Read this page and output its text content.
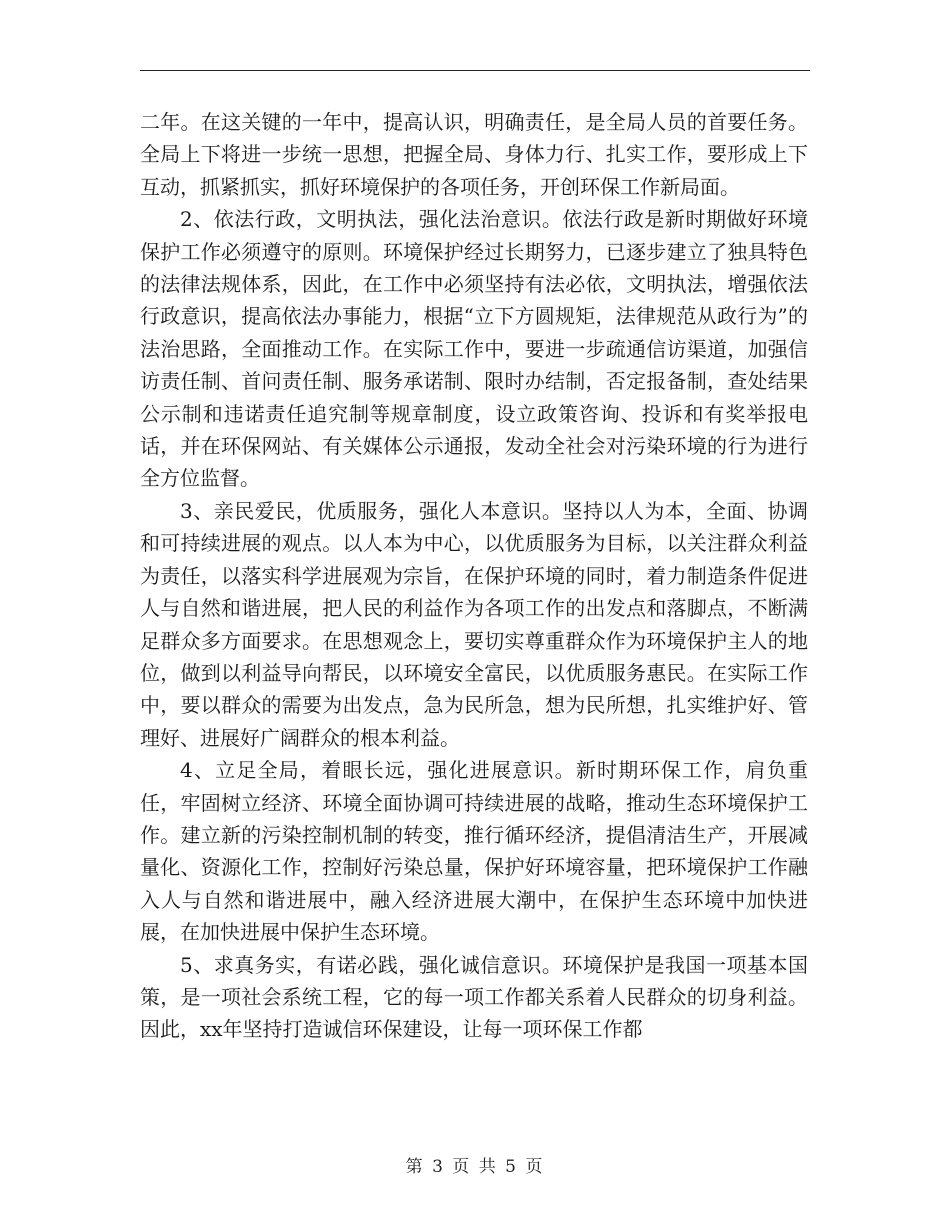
二年。在这关键的一年中，提高认识，明确责任，是全局人员的首要任务。全局上下将进一步统一思想，把握全局、身体力行、扎实工作，要形成上下互动，抓紧抓实，抓好环境保护的各项任务，开创环保工作新局面。

2、依法行政，文明执法，强化法治意识。依法行政是新时期做好环境保护工作必须遵守的原则。环境保护经过长期努力，已逐步建立了独具特色的法律法规体系，因此，在工作中必须坚持有法必依，文明执法，增强依法行政意识，提高依法办事能力，根据“立下方圆规矩，法律规范从政行为”的法治思路，全面推动工作。在实际工作中，要进一步疏通信访渠道，加强信访责任制、首问责任制、服务承诺制、限时办结制，否定报备制，查处结果公示制和违诺责任追究制等规章制度，设立政策咨询、投诉和有奖举报电话，并在环保网站、有关媒体公示通报，发动全社会对污染环境的行为进行全方位监督。

3、亲民爱民，优质服务，强化人本意识。坚持以人为本，全面、协调和可持续进展的观点。以人本为中心，以优质服务为目标，以关注群众利益为责任，以落实科学进展观为宗旨，在保护环境的同时，着力制造条件促进人与自然和谐进展，把人民的利益作为各项工作的出发点和落脚点，不断满足群众多方面要求。在思想观念上，要切实尊重群众作为环境保护主人的地位，做到以利益导向帮民，以环境安全富民，以优质服务惠民。在实际工作中，要以群众的需要为出发点，急为民所急，想为民所想，扎实维护好、管理好、进展好广阔群众的根本利益。

4、立足全局，着眼长远，强化进展意识。新时期环保工作，肩负重任，牢固树立经济、环境全面协调可持续进展的战略，推动生态环境保护工作。建立新的污染控制机制的转变，推行循环经济，提倡清洁生产，开展减量化、资源化工作，控制好污染总量，保护好环境容量，把环境保护工作融入人与自然和谐进展中，融入经济进展大潮中，在保护生态环境中加快进展，在加快进展中保护生态环境。

5、求真务实，有诺必践，强化诚信意识。环境保护是我国一项基本国策，是一项社会系统工程，它的每一项工作都关系着人民群众的切身利益。因此，xx年坚持打造诚信环保建设，让每一项环保工作都

第 3 页 共 5 页
